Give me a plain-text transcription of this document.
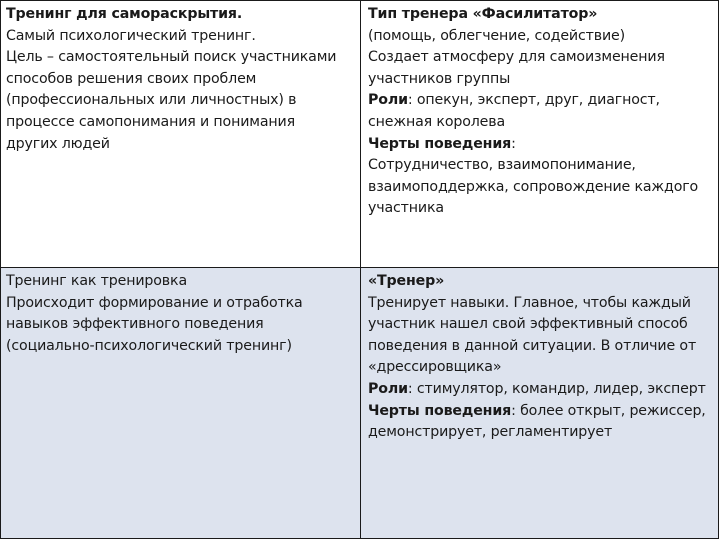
Тренинг для самораскрытия.
Самый психологический тренинг.
Цель – самостоятельный поиск участниками
способов решения своих проблем
(профессиональных или личностных) в
процессе самопонимания и понимания
других людей
Тип тренера «Фасилитатор»
(помощь, облегчение, содействие)
Создает атмосферу для самоизменения
участников группы
Роли: опекун, эксперт, друг, диагност,
снежная королева
Черты поведения:
Сотрудничество, взаимопонимание,
взаимоподдержка, сопровождение каждого
участника
Тренинг как тренировка
Происходит формирование и отработка
навыков эффективного поведения
(социально-психологический тренинг)
«Тренер»
Тренирует навыки. Главное, чтобы каждый
участник нашел свой эффективный способ
поведения в данной ситуации. В отличие от
«дрессировщика»
Роли: стимулятор, командир, лидер, эксперт
Черты поведения: более открыт, режиссер,
демонстрирует, регламентирует
